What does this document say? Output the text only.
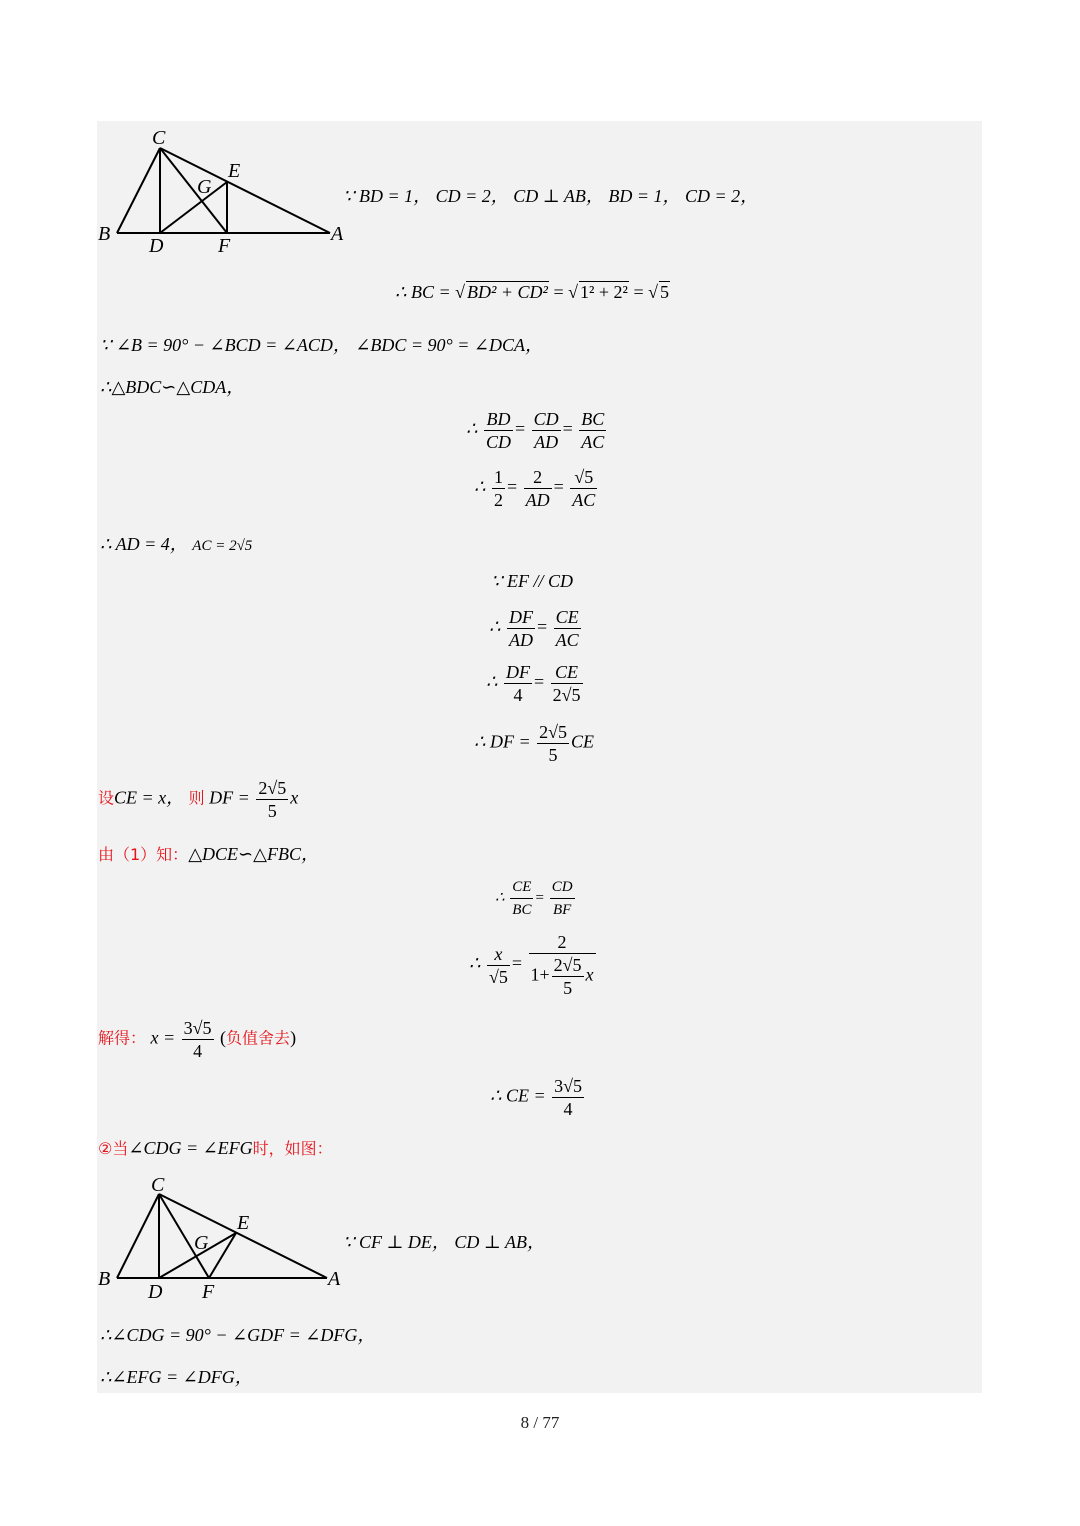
C
E
G
B
D	F
A
∵ BD = 1， CD = 2， CD ⊥ AB， BD = 1， CD = 2，
∴ BC = √ BD² + CD² = √ 1² + 2² = √ 5
∵ ∠B = 90° − ∠BCD = ∠ACD， ∠BDC = 90° = ∠DCA，
∴△BDC∽△CDA，
∴ $\frac{BD}{CD} = \frac{CD}{AD} = \frac{BC}{AC}$
∴ $\frac{1}{2} = \frac{2}{AD} = \frac{√5}{AC}$
∴ AD = 4， AC = 2√5
∵ EF // CD
∴ $\frac{DF}{AD} = \frac{CE}{AC}$
∴ $\frac{DF}{4} = \frac{CE}{2√5}$
∴ DF = $\frac{2√5}{5}$ CE
设CE = x， 则 DF = $\frac{2√5}{5}$ x
由（1）知：△DCE∽△FBC，
∴ $\frac{CE}{BC} = \frac{CD}{BF}$
∴ $\frac{x}{√5} = \frac{2}{1+ \frac{2√5}{5} x}$
解得： $x = \frac{3√5}{4}$ (负值舍去)
∴ CE = $\frac{3√5}{4}$
②当∠CDG = ∠EFG时，如图：
C
E
G
B
D F
A
∵ CF ⊥ DE， CD ⊥ AB，
∴∠CDG = 90° − ∠GDF = ∠DFG，
∴∠EFG = ∠DFG，
8 / 77
